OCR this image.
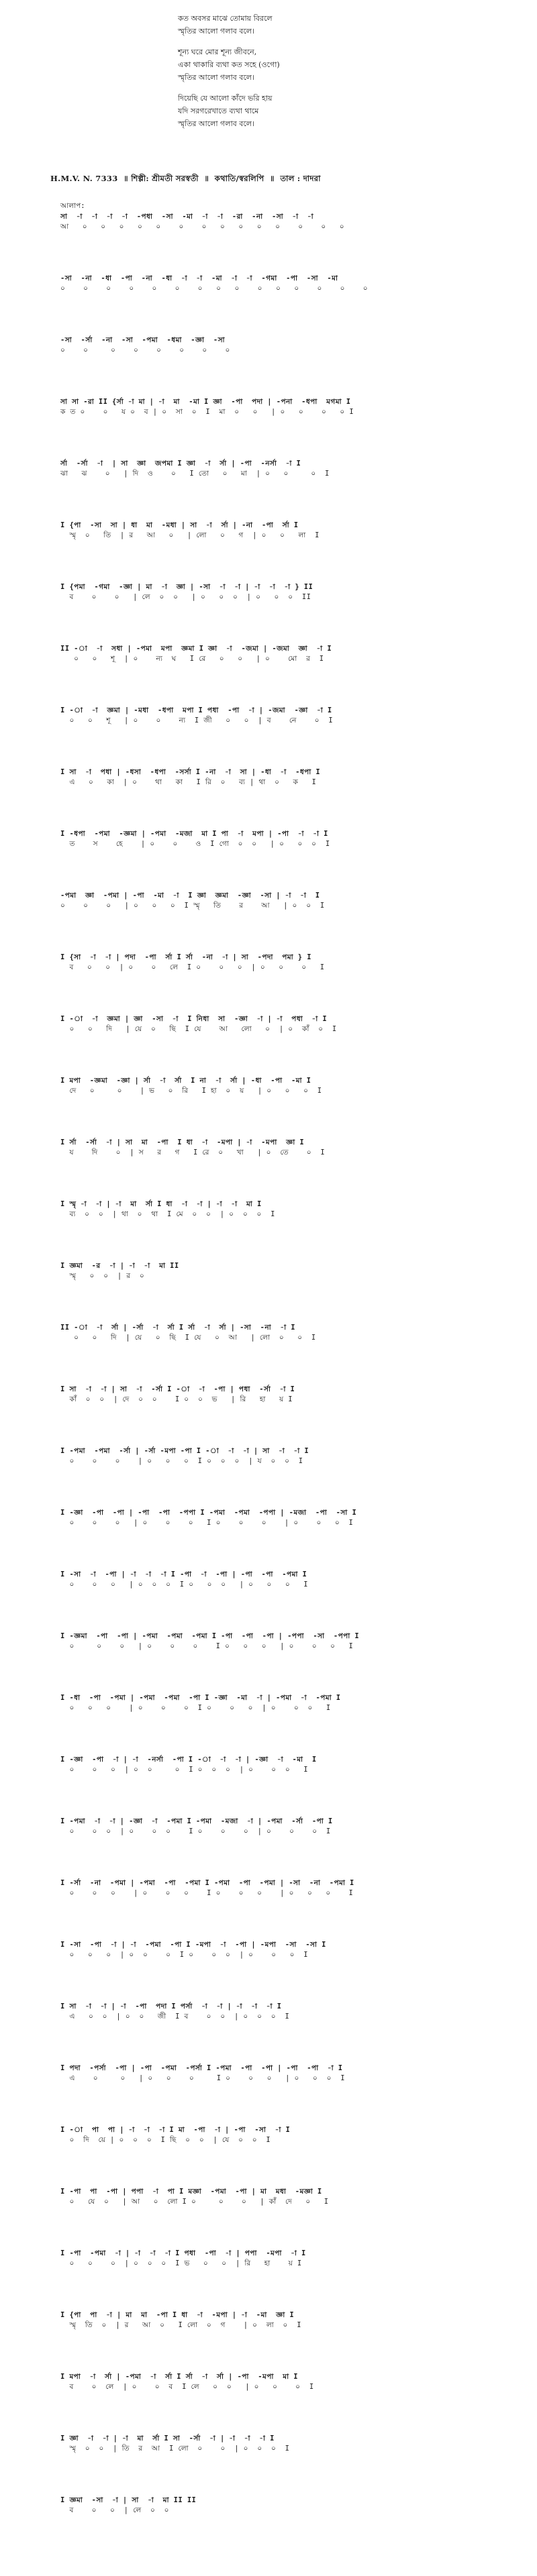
কত অবসর মাঝে তোমায় বিরলে
স্মৃতির আলো গলাব বলে।
শূন্য ঘরে মোর শূন্য জীবনে,
একা থাকারি ব্যথা কত সহে (ওগো)
স্মৃতির আলো গলাব বলে।
দিয়েছি যে আলো কাঁদে ভরি হায়
যদি সরগরেখাতে ব্যথা থামে
স্মৃতির আলো গলাব বলে।
H.M.V. N. 7333  ॥ শিল্পী: শ্রীমতী সরস্বতী  ॥  কথাতি/স্বরলিপি  ॥  তাল : দাদরা
আলাপ:
সা  -া  -া  -া  -া  -পধা  -সা  -মা  -া  -া  -রা  -না  -সা  -া  -া
আ   ০   ০   ০   ০   ০    ০    ০   ০   ০   ০   ০    ০    ০   ০
-সা  -না  -ধা  -পা  -না  -ধা  -া  -া  -মা  -া  -া  -গমা  -পা  -সা  -মা
০    ০    ০    ০    ০    ০    ০   ০   ০    ০   ০   ০    ০    ০    ০
-সা  -র্সা  -না  -সা  -পমা  -ধমা  -জ্ঞা  -সা
০    ০     ০    ০    ০    ০    ০    ০
সা সা -রা II {র্সা -া মা | -া  মা  -মা I জ্ঞা  -পা  পদা | -পনা  -ধপা  মগমা I
ক ত ০    ০   য ০  ব | ০  সা  ০  I  মা  ০   ০   | ০   ০    ০   ০ I
র্সা  -র্সা  -া  | সা  জ্ঞা  জপমা I জ্ঞা  -া  র্সা | -পা  -নর্সা  -া I
ঝা   ঝ    ০   | দি  ও    ০   I তো   ০   মা  | ০   ০     ০  I
I {পা  -সা  সা | ধা  মা  -মধা | সা  -া  র্সা | -না  -পা  র্সা I
স্মৃ  ০   তি  | র   আ   ০   | লো   ০   গ  | ০   ০   লা  I
I {পমা  -গমা  -জ্ঞা | মা  -া  জ্ঞা | -সা  -া  -া | -া  -া  -া } II
ব    ০    ০   | লে  ০  ০   | ০   ০  ০  | ০   ০  ০  II
II -া  -া  সধা | -পমা  মপা  জ্ঞমা I জ্ঞা  -া  -জমা | -জমা  জ্ঞা  -া I
০   ০   শূ  | ০    ন্য  ঘ   I রে   ০   ০   | ০    মো  র  I
I -া  -া  জ্ঞমা | -মধা  -ধপা  মপা I পধা  -পা  -া | -জমা  -জ্ঞা  -া I
০   ০   শূ   | ০    ০    ন্য  I জী   ০   ০  | ব    নে    ০  I
I সা  -া  পধা | -ধসা  -ধপা  -সর্সা I -না  -া  সা | -ধা  -া  -ধপা I
এ   ০   কা  | ০    থা   কা   I রি  ০   ব্য | থা  ০   ক   I
I -ধপা  -পমা  -জ্ঞমা | -পমা  -মজা  মা I পা  -া  মপা | -পা  -া  -া I
ত    স    হে    | ০    ০    ও  I গো  ০  ০   | ০   ০  ০  I
-পমা  জ্ঞা  -পমা | -পা  -মা  -া  I জ্ঞা  জ্ঞমা  -জ্ঞা  -সা | -া  -া  I
০    ০    ০   | ০   ০   ০  I স্মৃ   তি    র    আ   | ০  ০  I
I {সা  -া  -া | পদা  -পা  র্সা I র্সা  -না  -া | সা  -পদা  পমা } I
ব   ০   ০  | ০    ০   লে  I ০    ০   ০  | ০   ০    ০   I
I -া  -া  জ্ঞমা | জ্ঞা  -সা  -া  I নিধা  সা  -জ্ঞা  -া | -া  পধা  -া I
০   ০   দি   | য়ে  ০   ছি  I যে    আ   লো   ০  | ০  কাঁ  ০  I
I মপা  -জ্ঞমা  -জ্ঞা | র্সা  -া  র্সা  I না  -া  র্সা | -ধা  -পা  -মা I
দে   ০     ০    | ভ   ০  রি   I হা  ০  য়   | ০   ০   ০  I
I র্সা  -র্সা  -া | সা  মা  -পা  I ধা  -া  -মপা | -া  -মপা  জ্ঞা I
য    দি    ০  | স   র   গ   I রে  ০   খা   | ০  তে    ০  I
I স্মৃ -া  -া | -া  মা  র্সা I ধা  -া  -া | -া  -া  মা I
ব্য  ০  ০  | থা  ০  থা  I মে  ০  ০  | ০  ০  ০  I
I জ্ঞমা  -র  -া | -া  -া  মা II
স্মৃ   ০  ০  | র  ০
II -া  -া  র্সা | -র্সা  -া  র্সা I র্সা  -া  র্সা | -সা  -না  -া I
০   ০   দি  | য়ে   ০  ছি  I যে   ০  আ   | লো  ০   ০  I
I সা  -া  -া | সা  -া  -র্সা I -া  -া  -পা | পধা  -র্সা  -া I
কাঁ  ০  ০  | দে  ০  ০    I ০  ০  ভ   | রি   হা   য় I
I -পমা  -পমা  -র্সা | -র্সা -মপা -পা I -া  -া  -া | সা  -া  -া I
০    ০    ০    | ০   ০   ০  I ০  ০  ০  | য  ০  ০  I
I -জ্ঞা  -পা  -পা | -পা  -পা  -পপা I -পমা  -পমা  -পপা | -মজা  -পা  -সা I
০    ০    ০   | ০    ০    ০   I ০    ০    ০    | ০    ০   ০  I
I -সা  -া  -পা | -া  -া  -া I -পা  -া  -পা | -পা  -পা  -পমা I
০    ০   ০   | ০  ০  ০  I ০   ০  ০   | ০   ০   ০   I
I -জ্ঞমা  -পা  -পা | -পমা  -পমা  -পমা I -পা  -পা  -পা | -পপা  -সা  -পপা I
০     ০    ০   | ০    ০    ০    I ০   ০   ০   | ০    ০   ০   I
I -ধা  -পা  -পমা | -পমা  -পমা  -পা I -জ্ঞা  -মা  -া | -পমা  -া  -পমা I
০   ০   ০    | ০    ০    ০  I ০    ০   ০  | ০    ০  ০   I
I -জ্ঞা  -পা  -া | -া  -নর্সা  -পা I -া  -া  -া | -জ্ঞা  -া  -মা  I
০    ০   ০  | ০  ০     ০  I ০  ০  ০  | ০    ০  ০   I
I -পমা  -া  -া | -জ্ঞা  -া  -পমা I -পমা  -মজা  -া | -পমা  -র্সা  -পা I
০    ০  ০  | ০    ০  ০    I ০    ০    ০  | ০    ০    ০  I
I -র্সা  -না  -পমা | -পমা  -পা  -পমা I -পমা  -পা  -পমা | -সা  -না  -পমা I
০    ০   ০    | ০    ০   ০    I ০    ০   ০    | ০   ০   ০    I
I -সা  -পা  -া | -া  -পমা  -পা I -মপা  -া  -পা | -মপা  -সা  -সা I
০   ০   ০  | ০  ০    ০  I ০    ০  ০  | ০    ০   ০  I
I সা  -া  -া | -া  -পা  পদা I পর্সা  -া  -া | -া  -া  -া I
এ   ০  ০  | ০  ০   জী  I ব    ০  ০  | ০  ০  ০  I
I পদা  -পর্সা  -পা | -পা  -পমা  -পর্সা I -পমা  -পা  -পা | -পা  -পা  -া I
এ    ০     ০   | ০   ০    ০     I ০    ০   ০   | ০   ০  ০  I
I -া  পা  পা | -া  -া  -া I মা  -পা  -া | -পা  -সা  -া I
০  দি  য়ে | ০  ০  ০  I ছি  ০  ০  | যে  ০  ০  I
I -পা  পা  -পা | পপা  -া  পা I মজ্ঞা  -পমা  -পা | মা  মধা  -মজ্ঞা I
০   যে  ০   | আ   ০  লো I ০     ০    ০   | কাঁ  দে   ০   I
I -পা  -পমা  -া | -া  -া  -া I পধা  -পা  -া | পপা  -মপা  -া I
০   ০    ০  | ০  ০  ০  I ভ   ০   ০  | রি   হা    য় I
I {পা  পা  -া | মা  মা  -পা I ধা  -া  -মপা | -া  -মা  জ্ঞা I
স্মৃ  তি  ০  | র   আ  ০   I লো  ০  গ    | ০  লা  ০  I
I মপা  -া  র্সা | -পমা  -া  র্সা I র্সা  -া  র্সা | -পা  -মপা  মা I
ব    ০  লে  | ০    ০  ব  I লে   ০  ০   | ০   ০    ০  I
I জ্ঞা  -া  -া | -া  মা  র্সা I সা  -র্সা  -া | -া  -া  -া I
স্মৃ  ০  ০  | তি  র  আ  I লো  ০    ০  | ০  ০  ০  I
I জ্ঞমা  -সা  -া | সা  -া  মা II II
ব    ০   ০  | লে  ০  ০
